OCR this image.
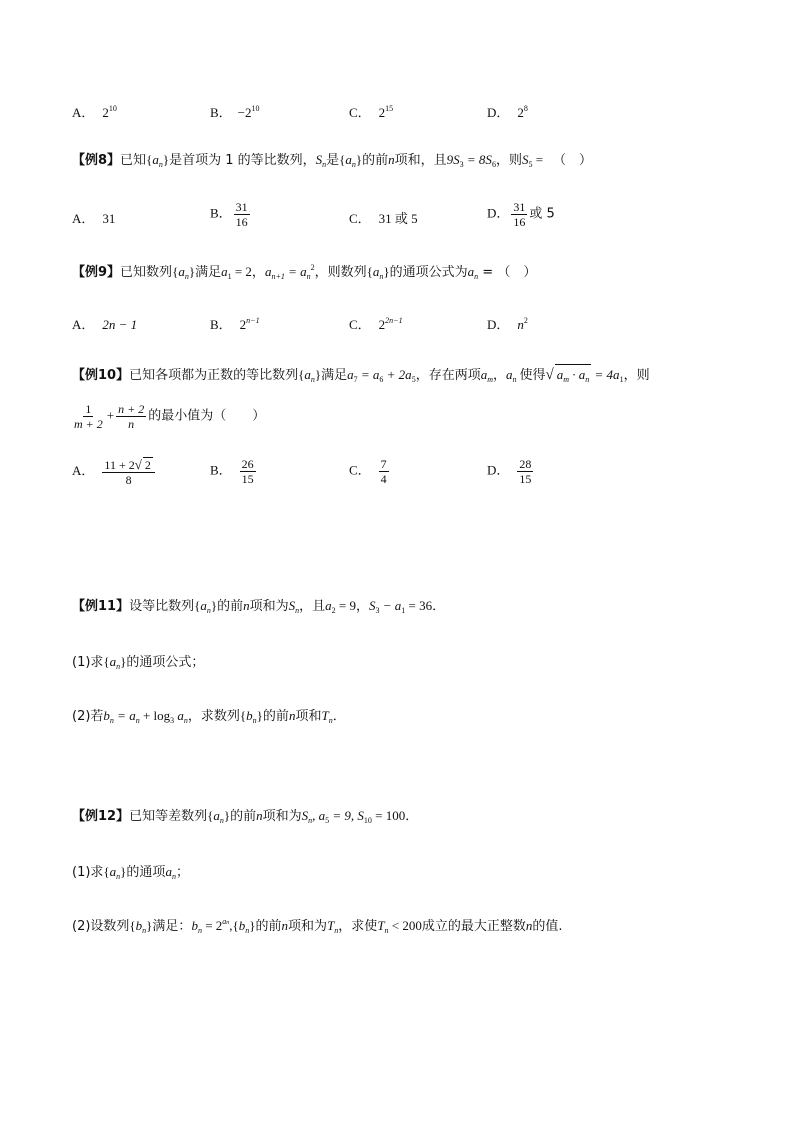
A． $2^{10}$	B． $-2^{10}$	C． $2^{15}$	D． $2^8$
【例8】已知$\{a_n\}$是首项为 1 的等比数列，$S_n$是$\{a_n\}$的前n项和，且$9S_3 = 8S_6$，则$S_5$ = （　）
A． 31	B． $\frac{31}{16}$	C． 31 或 5	D． $\frac{31}{16}$ 或 5
【例9】已知数列$\{a_n\}$满足$a_1 = 2$，$a_{n+1} = a_n^2$，则数列$\{a_n\}$的通项公式为$a_n$ = （　）
A． 2n − 1	B． $2^{n-1}$	C． $2^{2n-1}$	D． $n^2$
【例10】已知各项都为正数的等比数列$\{a_n\}$满足$a_7 = a_6 + 2a_5$，存在两项$a_m$，$a_n$ 使得√ $a_m \cdot a_n = 4a_1$，则
$\frac{1}{m + 2} + \frac{n + 2}{n}$ 的最小值为（　　）
A． $\frac{11 + 2√ 2}{8}$	B． $\frac{26}{15}$	C． $\frac{7}{4}$	D． $\frac{28}{15}$
【例11】设等比数列$\{a_n\}$的前n项和为$S_n$，且$a_2 = 9$，$S_3 - a_1 = 36$．
(1)求$\{a_n\}$的通项公式；
(2)若$b_n = a_n + \log_3 a_n$，求数列$\{b_n\}$的前n项和$T_n$．
【例12】已知等差数列$\{a_n\}$的前n项和为$S_n$, $a_5 = 9$, $S_{10} = 100$．
(1)求$\{a_n\}$的通项$a_n$；
(2)设数列$\{b_n\}$满足：$b_n = 2^{an},\{b_n\}$的前n项和为$T_n$，求使$T_n < 200$成立的最大正整数n的值.
